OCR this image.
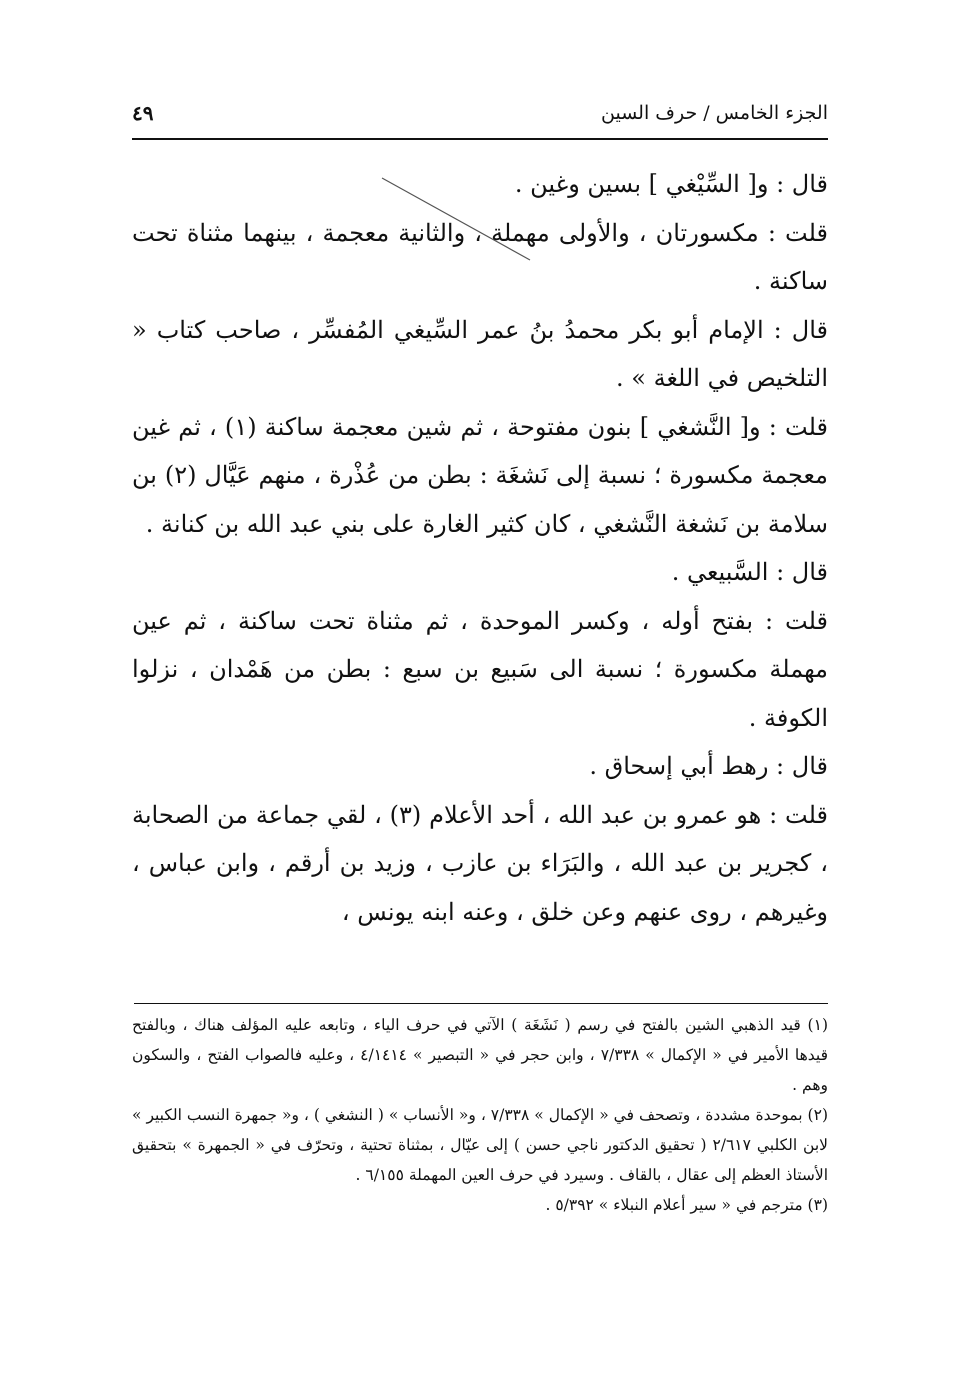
الجزء الخامس / حرف السين
٤٩

قال : و[ السِّيْغي ] بسين وغين .

قلت : مكسورتان ، والأولى مهملة ، والثانية معجمة ، بينهما مثناة تحت ساكنة .

قال : الإمام أبو بكر محمدُ بنُ عمر السِّيغي المُفسِّر ، صاحب كتاب « التلخيص في اللغة » .

قلت : و[ النَّشغي ] بنون مفتوحة ، ثم شين معجمة ساكنة (١) ، ثم غين معجمة مكسورة ؛ نسبة إلى نَشغَة : بطن من عُذْرة ، منهم عَيَّال (٢) بن سلامة بن نَشغة النَّشغي ، كان كثير الغارة على بني عبد الله بن كنانة .

قال : السَّبيعي .

قلت : بفتح أوله ، وكسر الموحدة ، ثم مثناة تحت ساكنة ، ثم عين مهملة مكسورة ؛ نسبة الى سَبيع بن سبع : بطن من هَمْدان ، نزلوا الكوفة .

قال : رهط أبي إسحاق .

قلت : هو عمرو بن عبد الله ، أحد الأعلام (٣) ، لقي جماعة من الصحابة ، كجرير بن عبد الله ، والبَرَاء بن عازب ، وزيد بن أرقم ، وابن عباس ، وغيرهم ، روى عنهم وعن خلق ، وعنه ابنه يونس ،

(١) قيد الذهبي الشين بالفتح في رسم ( نَشَغَة ) الآتي في حرف الياء ، وتابعه عليه المؤلف هناك ، وبالفتح قيدها الأمير في « الإكمال » ٧/٣٣٨ ، وابن حجر في « التبصير » ٤/١٤١٤ ، وعليه فالصواب الفتح ، والسكون وهم .

(٢) بموحدة مشددة ، وتصحف في « الإكمال » ٧/٣٣٨ ، و« الأنساب » ( النشغي ) ، و« جمهرة النسب الكبير » لابن الكلبي ٢/٦١٧ ( تحقيق الدكتور ناجي حسن ) إلى عيّال ، بمثناة تحتية ، وتحرّف في « الجمهرة » بتحقيق الأستاذ العظم إلى عقال ، بالقاف . وسيرد في حرف العين المهملة ٦/١٥٥ .

(٣) مترجم في « سير أعلام النبلاء » ٥/٣٩٢ .
